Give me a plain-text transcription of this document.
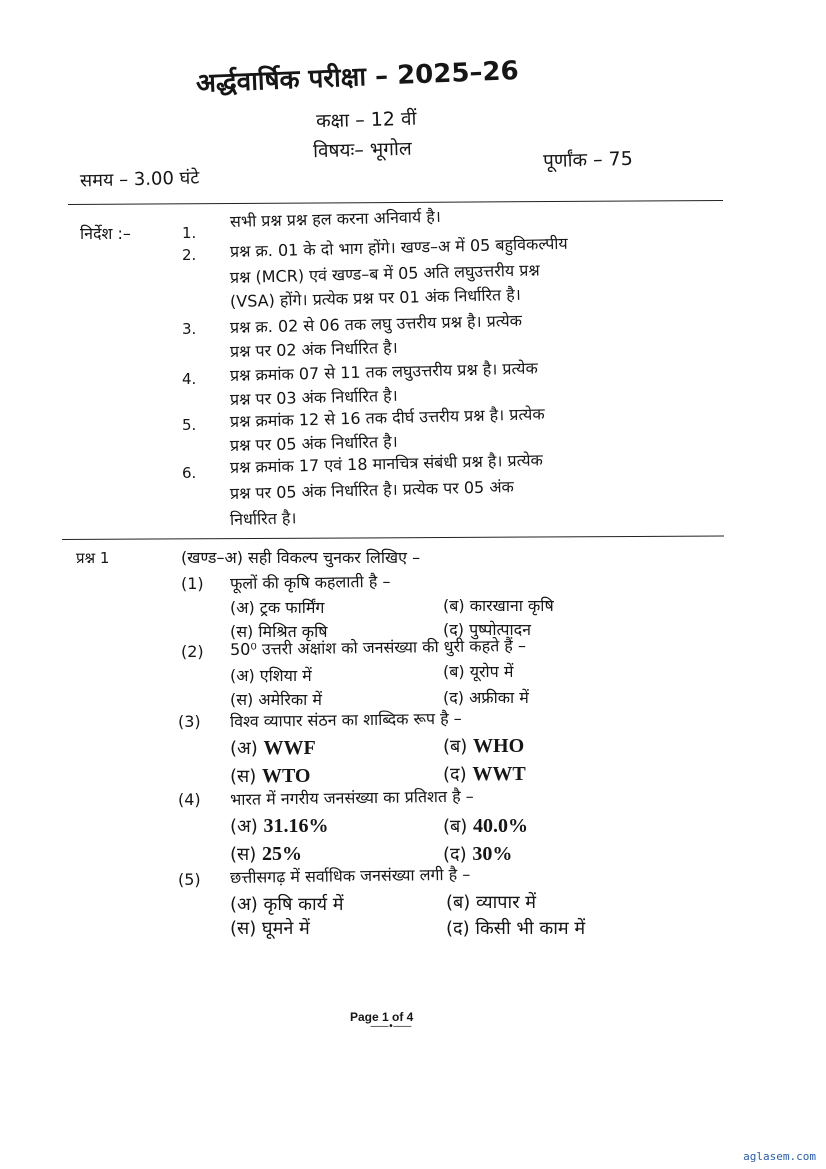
अर्द्धवार्षिक परीक्षा – 2025–26
कक्षा – 12 वीं
विषयः– भूगोल	पूर्णांक – 75
समय – 3.00 घंटे
निर्देश :–	1.
सभी प्रश्न प्रश्न हल करना अनिवार्य है।
2. प्रश्न क्र. 01 के दो भाग होंगे। खण्ड–अ में 05 बहुविकल्पीय
प्रश्न (MCR) एवं खण्ड–ब में 05 अति लघुउत्तरीय प्रश्न
(VSA) होंगे। प्रत्येक प्रश्न पर 01 अंक निर्धारित है।
3. प्रश्न क्र. 02 से 06 तक लघु उत्तरीय प्रश्न है। प्रत्येक
प्रश्न पर 02 अंक निर्धारित है।
4. प्रश्न क्रमांक 07 से 11 तक लघुउत्तरीय प्रश्न है। प्रत्येक
प्रश्न पर 03 अंक निर्धारित है।
5. प्रश्न क्रमांक 12 से 16 तक दीर्घ उत्तरीय प्रश्न है। प्रत्येक
प्रश्न पर 05 अंक निर्धारित है।
6. प्रश्न क्रमांक 17 एवं 18 मानचित्र संबंधी प्रश्न है। प्रत्येक
प्रश्न पर 05 अंक निर्धारित है। प्रत्येक पर 05 अंक
निर्धारित है।
प्रश्न 1	(खण्ड–अ) सही विकल्प चुनकर लिखिए –
(1) फूलों की कृषि कहलाती है –
(अ) ट्रक फार्मिंग	(ब) कारखाना कृषि
(स) मिश्रित कृषि	(द) पुष्पोत्पादन
(2) 50⁰ उत्तरी अक्षांश को जनसंख्या की धुरी कहते हैं –
(अ) एशिया में	(ब) यूरोप में
(स) अमेरिका में	(द) अफ्रीका में
(3) विश्व व्यापार संठन का शाब्दिक रूप है –
(अ) WWF	(ब) WHO
(स) WTO	(द) WWT
(4) भारत में नगरीय जनसंख्या का प्रतिशत है –
(अ) 31.16%	(ब) 40.0%
(स) 25%	(द) 30%
(5) छत्तीसगढ़ में सर्वाधिक जनसंख्या लगी है –
(अ) कृषि कार्य में	(ब) व्यापार में
(स) घूमने में	(द) किसी भी काम में
Page 1 of 4
——•——
aglasem.com
